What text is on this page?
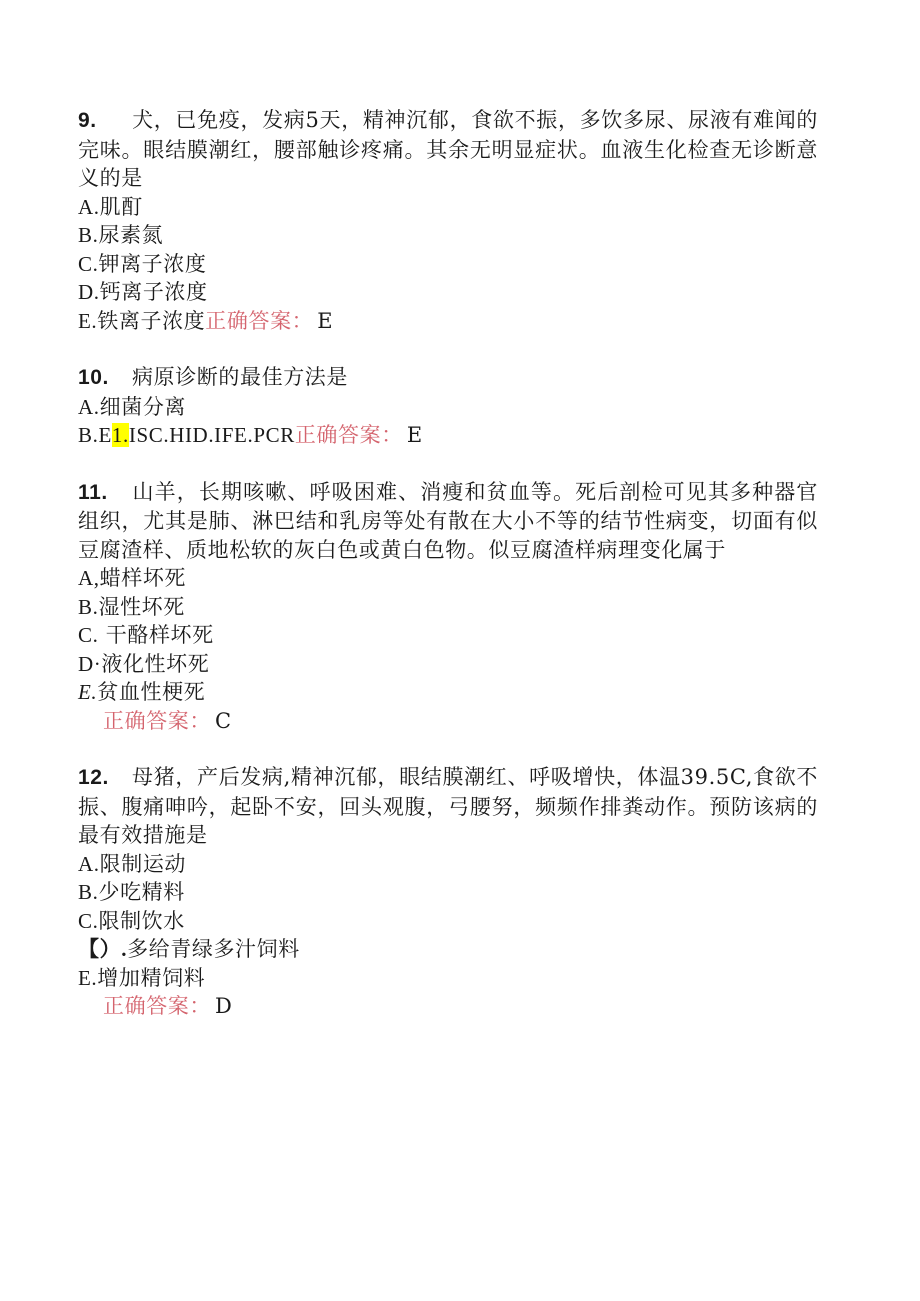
9. 犬，已免疫，发病5天，精神沉郁，食欲不振，多饮多尿、尿液有难闻的完味。眼结膜潮红，腰部触诊疼痛。其余无明显症状。血液生化检查无诊断意义的是
A.肌酊
B.尿素氮
C.钾离子浓度
D.钙离子浓度
E.铁离子浓度正确答案： E
10. 病原诊断的最佳方法是
A.细菌分离
B.E1.ISC.HID.IFE.PCR正确答案： E
11. 山羊，长期咳嗽、呼吸困难、消瘦和贫血等。死后剖检可见其多种器官组织，尤其是肺、淋巴结和乳房等处有散在大小不等的结节性病变，切面有似豆腐渣样、质地松软的灰白色或黄白色物。似豆腐渣样病理变化属于
A,蜡样坏死
B.湿性坏死
C. 干酪样坏死
D·液化性坏死
E.贫血性梗死
正确答案： C
12. 母猪，产后发病,精神沉郁，眼结膜潮红、呼吸增快，体温39.5C,食欲不振、腹痛呻吟，起卧不安，回头观腹，弓腰努，频频作排粪动作。预防该病的最有效措施是
A.限制运动
B.少吃精料
C.限制饮水
【）.多给青绿多汁饲料
E.增加精饲料
正确答案： D
